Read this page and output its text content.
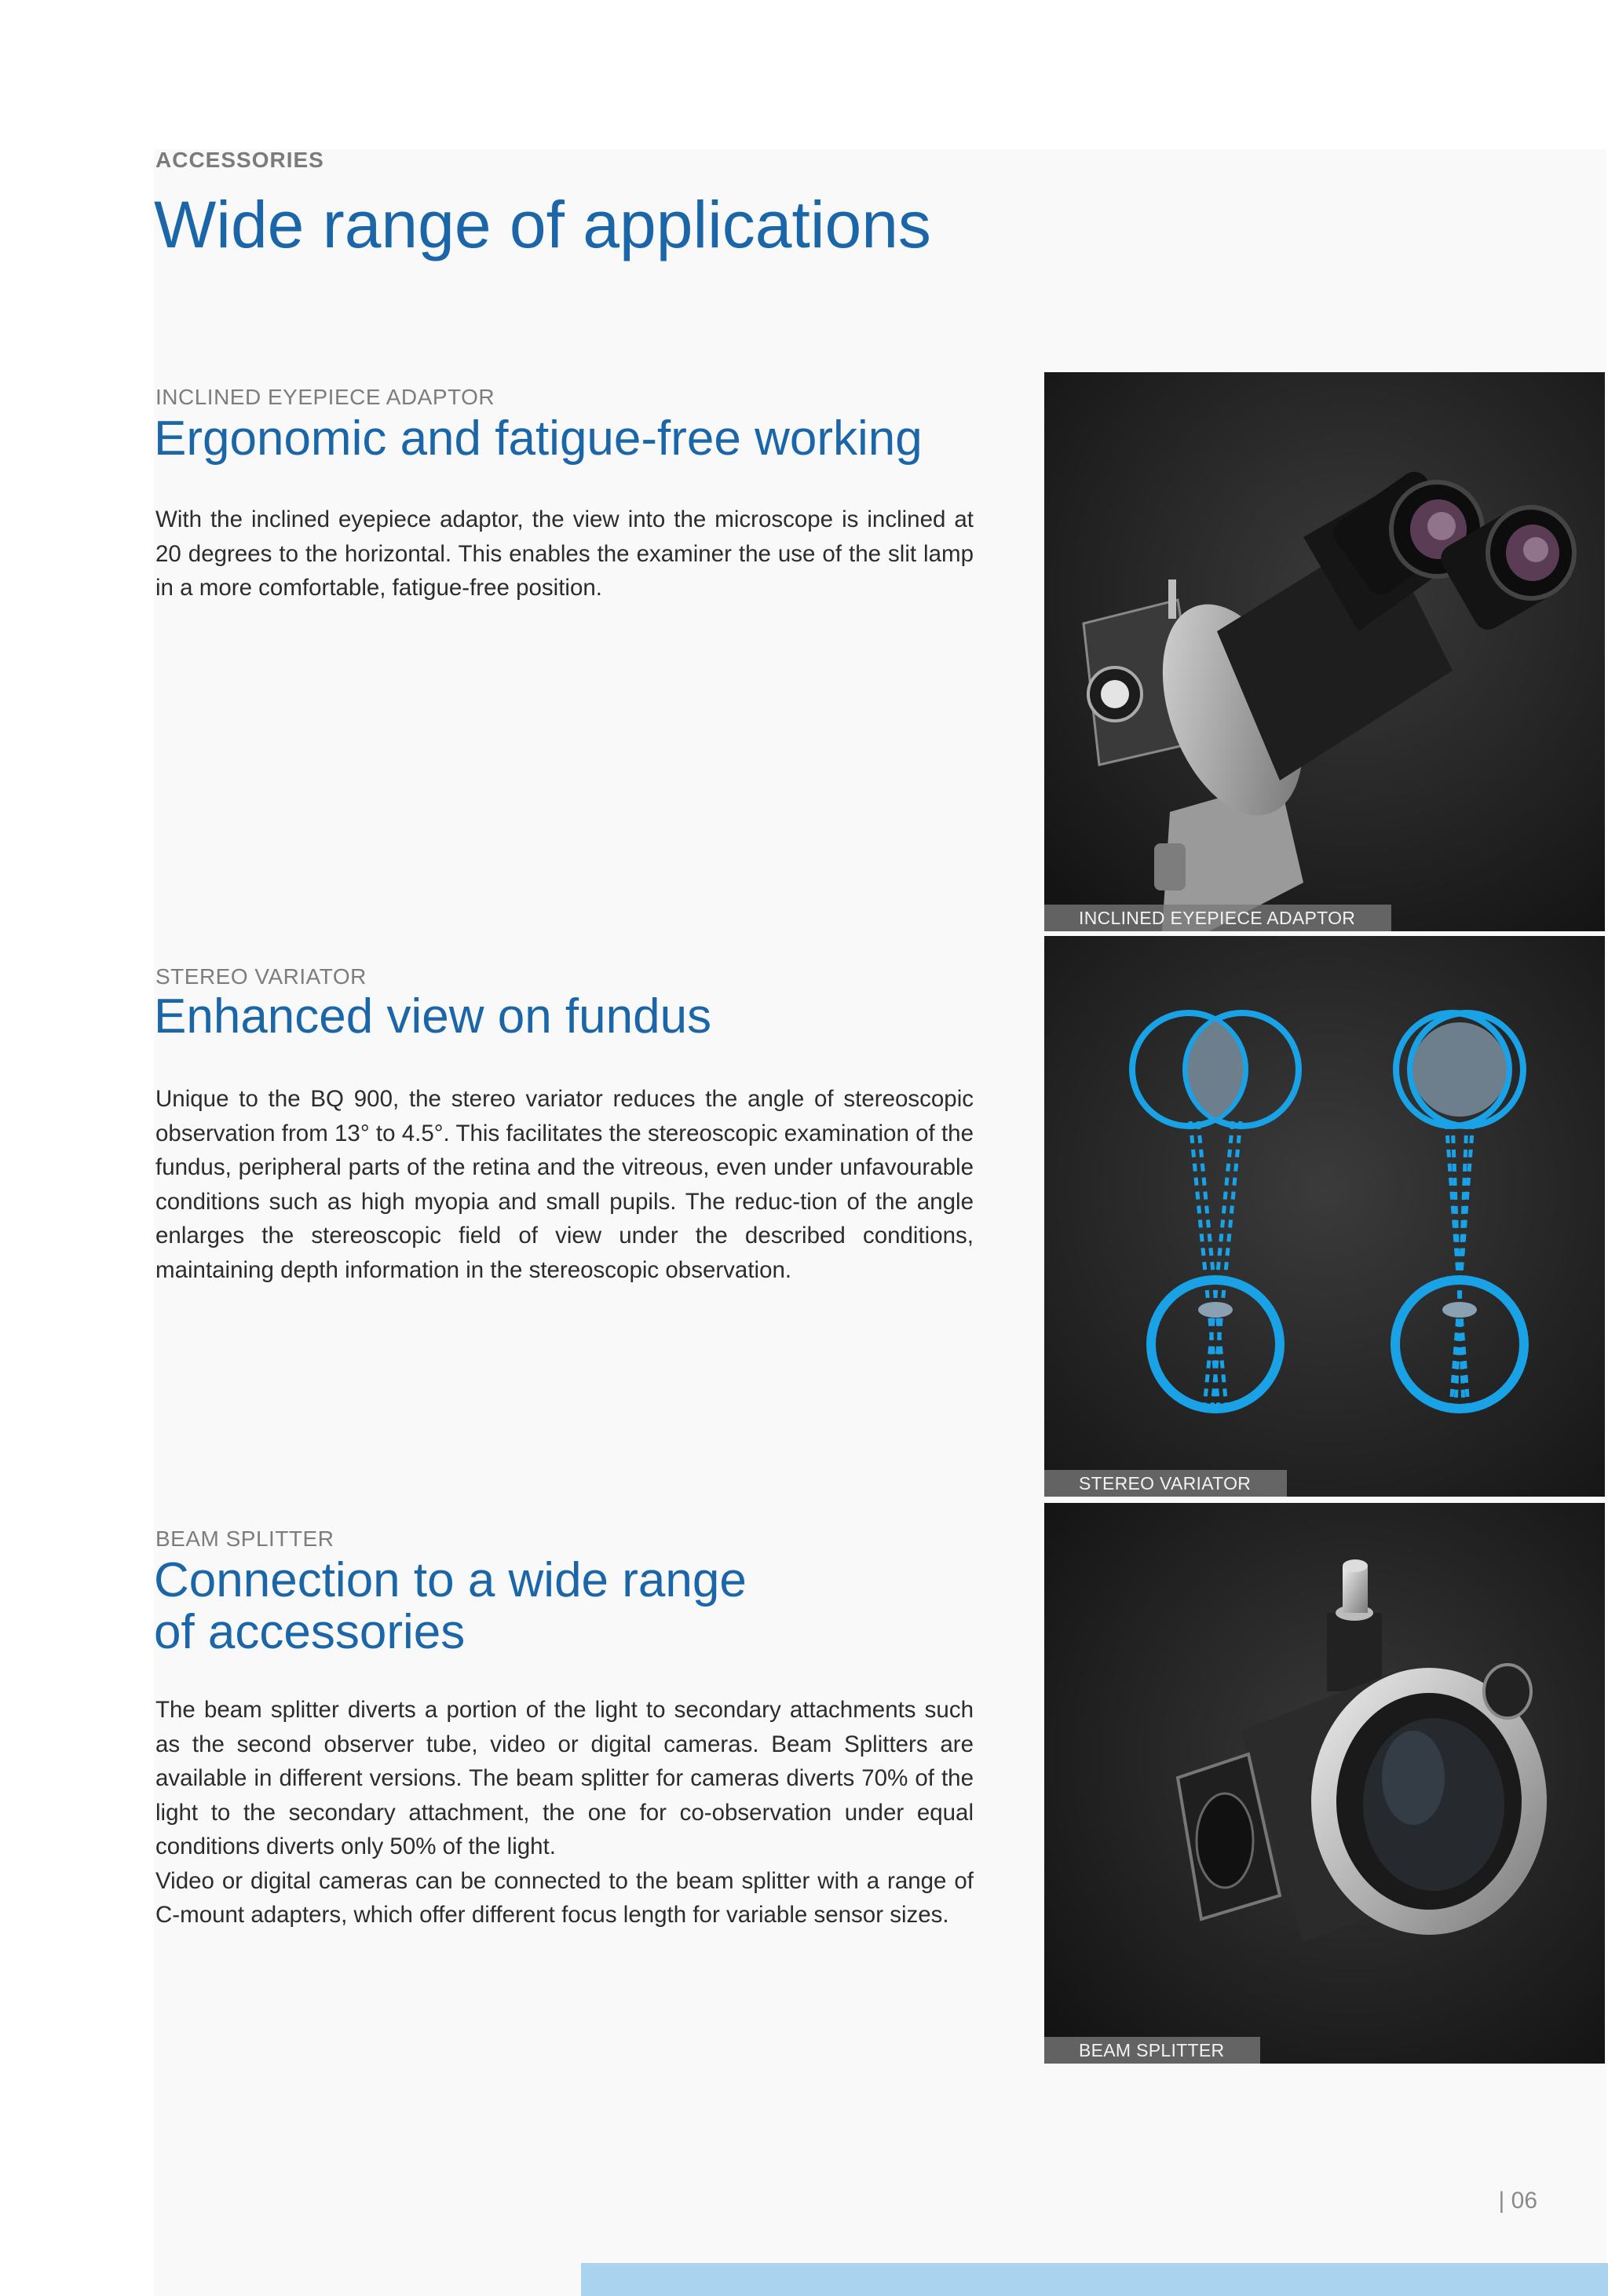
ACCESSORIES
Wide range of applications
INCLINED EYEPIECE ADAPTOR
Ergonomic and fatigue-free working

With the inclined eyepiece adaptor, the view into the microscope is inclined at 20 degrees to the horizontal. This enables the examiner the use of the slit lamp in a more comfortable, fatigue-free position.

INCLINED EYEPIECE ADAPTOR
STEREO VARIATOR
Enhanced view on fundus

Unique to the BQ 900, the stereo variator reduces the angle of stereoscopic observation from 13° to 4.5°. This facilitates the stereoscopic examination of the fundus, peripheral parts of the retina and the vitreous, even under unfavourable conditions such as high myopia and small pupils. The reduc-tion of the angle enlarges the stereoscopic field of view under the described conditions, maintaining depth information in the stereoscopic observation.

STEREO VARIATOR
BEAM SPLITTER
Connection to a wide range
of accessories

The beam splitter diverts a portion of the light to secondary attachments such as the second observer tube, video or digital cameras. Beam Splitters are available in different versions. The beam splitter for cameras diverts 70% of the light to the secondary attachment, the one for co-observation under equal conditions diverts only 50% of the light.

Video or digital cameras can be connected to the beam splitter with a range of C-mount adapters, which offer different focus length for variable sensor sizes.

BEAM SPLITTER
| 06
